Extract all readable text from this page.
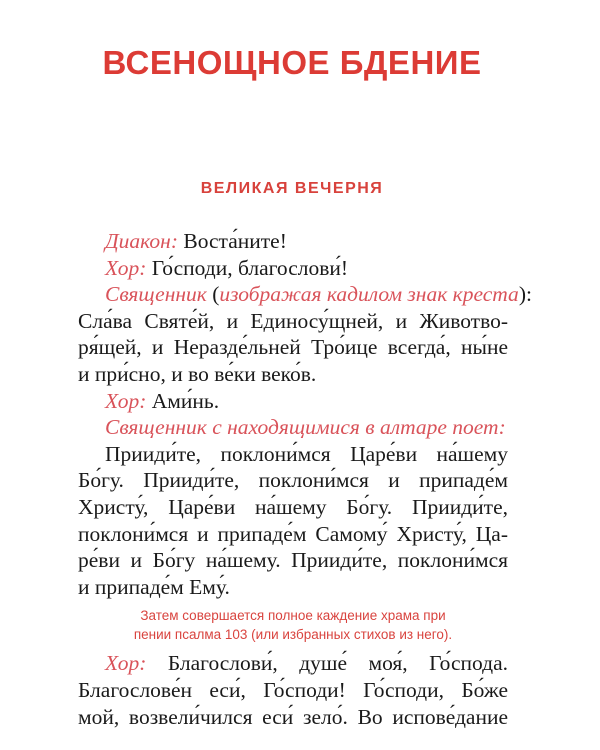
ВСЕНОЩНОЕ БДЕНИЕ
ВЕЛИКАЯ ВЕЧЕРНЯ
Диакон: Воста́ните!
Хор: Го́споди, благослови́!
Священник (изображая кадилом знак креста):
Сла́ва Святе́й, и Единосу́щней, и Животво-
ря́щей, и Неразде́льней Тро́ице всегда́, ны́не
и при́сно, и во ве́ки веко́в.
Хор: Ами́нь.
Священник с находящимися в алтаре поет:
Прииди́те, поклони́мся Царе́ви на́шему
Бо́гу. Прииди́те, поклони́мся и припаде́м
Христу́, Царе́ви на́шему Бо́гу. Прииди́те,
поклони́мся и припаде́м Самому́ Христу́, Ца-
ре́ви и Бо́гу на́шему. Прииди́те, поклони́мся
и припаде́м Ему́.
Затем совершается полное каждение храма при
пении псалма 103 (или избранных стихов из него).
Хор: Благослови́, душе́ моя́, Го́спода.
Благослове́н еси́, Го́споди! Го́споди, Бо́же
мой, возвели́чился еси́ зело́. Во испове́дание
